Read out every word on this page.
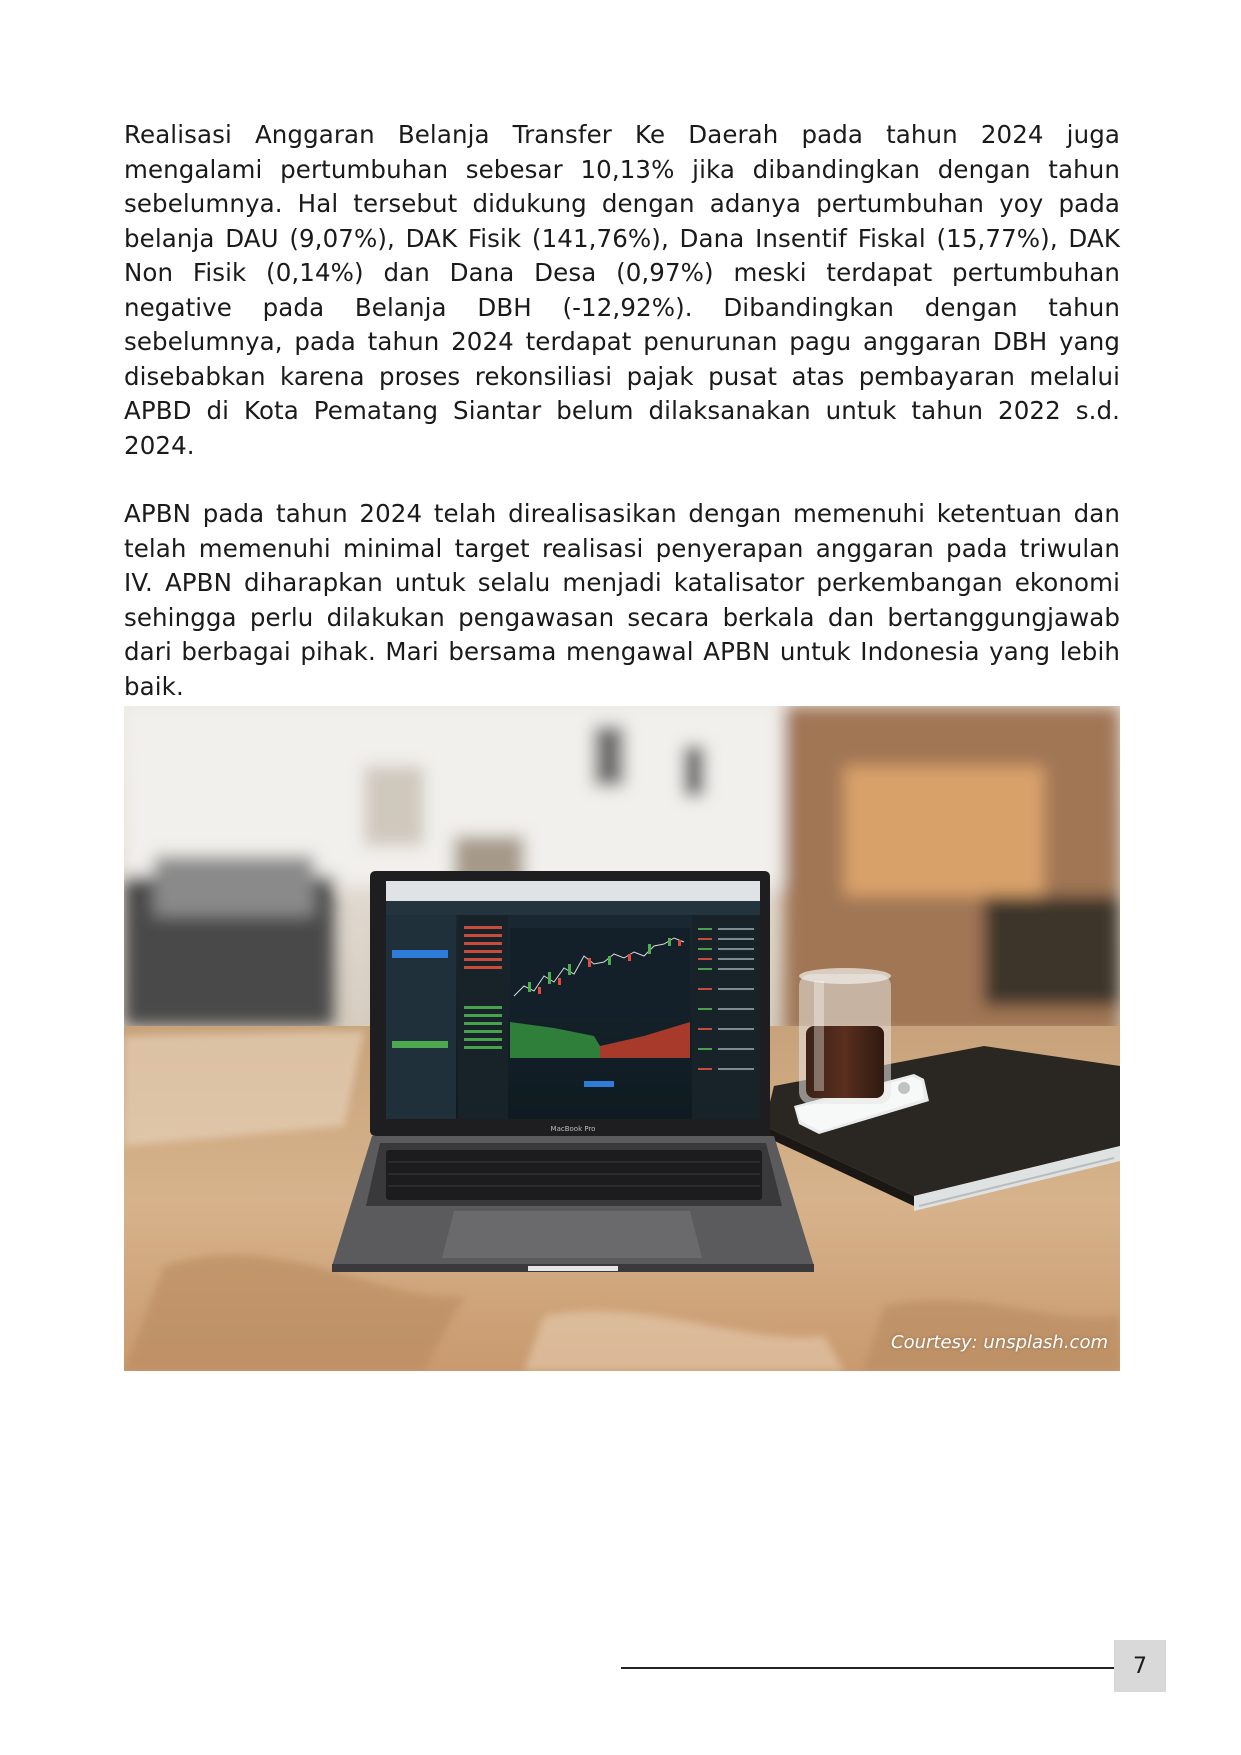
Realisasi Anggaran Belanja Transfer Ke Daerah pada tahun 2024 juga mengalami pertumbuhan sebesar 10,13% jika dibandingkan dengan tahun sebelumnya. Hal tersebut didukung dengan adanya pertumbuhan yoy pada belanja DAU (9,07%), DAK Fisik (141,76%), Dana Insentif Fiskal (15,77%), DAK Non Fisik (0,14%) dan Dana Desa (0,97%) meski terdapat pertumbuhan negative pada Belanja DBH (-12,92%). Dibandingkan dengan tahun sebelumnya, pada tahun 2024 terdapat penurunan pagu anggaran DBH yang disebabkan karena proses rekonsiliasi pajak pusat atas pembayaran melalui APBD di Kota Pematang Siantar belum dilaksanakan untuk tahun 2022 s.d. 2024.

APBN pada tahun 2024 telah direalisasikan dengan memenuhi ketentuan dan telah memenuhi minimal target realisasi penyerapan anggaran pada triwulan IV. APBN diharapkan untuk selalu menjadi katalisator perkembangan ekonomi sehingga perlu dilakukan pengawasan secara berkala dan bertanggungjawab dari berbagai pihak. Mari bersama mengawal APBN untuk Indonesia yang lebih baik.

MacBook Pro
Courtesy: unsplash.com
7
